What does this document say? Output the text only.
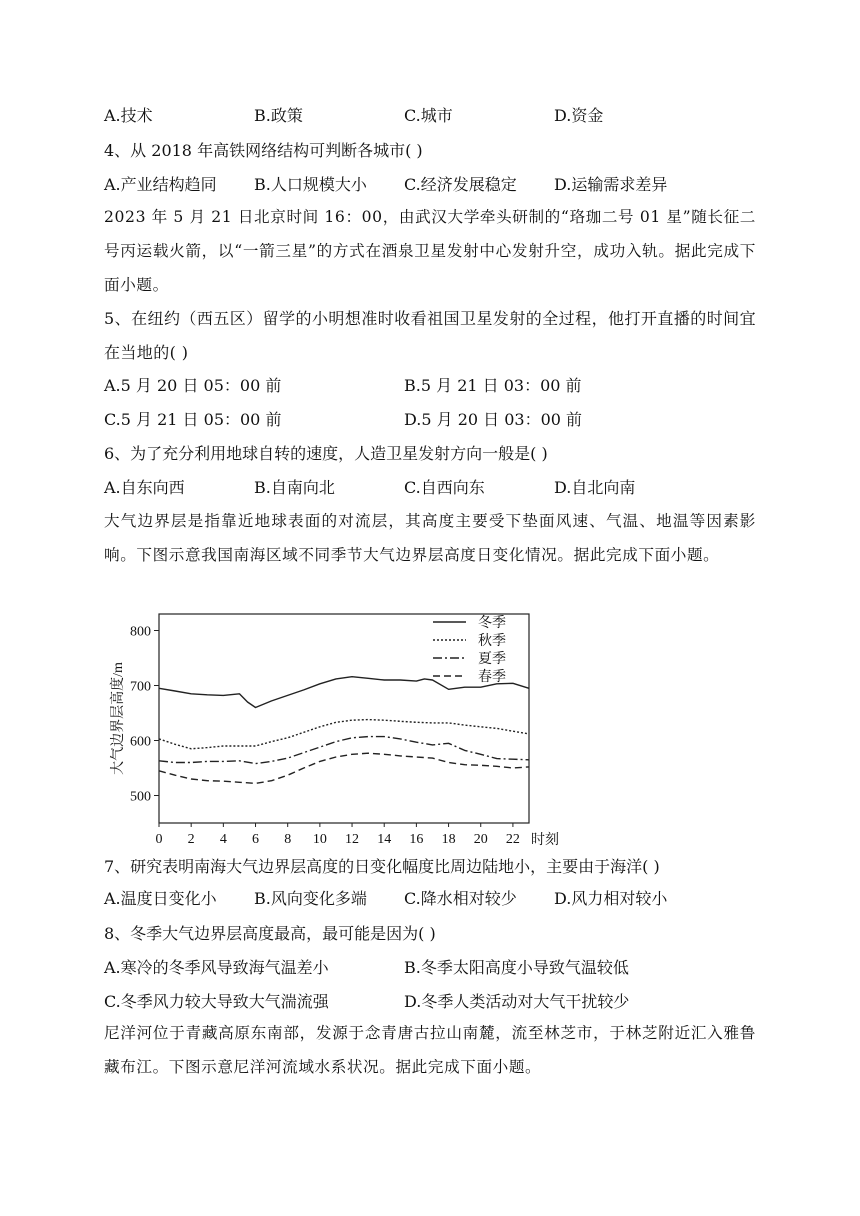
A.技术	B.政策	C.城市	D.资金
4、从 2018 年高铁网络结构可判断各城市( )
A.产业结构趋同 B.人口规模大小 C.经济发展稳定 D.运输需求差异
2023 年 5 月 21 日北京时间 16：00，由武汉大学牵头研制的“珞珈二号 01 星”随长征二号丙运载火箭，以“一箭三星”的方式在酒泉卫星发射中心发射升空，成功入轨。据此完成下面小题。
5、在纽约（西五区）留学的小明想准时收看祖国卫星发射的全过程，他打开直播的时间宜在当地的( )
A.5 月 20 日 05：00 前	B.5 月 21 日 03：00 前
C.5 月 21 日 05：00 前	D.5 月 20 日 03：00 前
6、为了充分利用地球自转的速度，人造卫星发射方向一般是( )
A.自东向西	B.自南向北	C.自西向东	D.自北向南
大气边界层是指靠近地球表面的对流层，其高度主要受下垫面风速、气温、地温等因素影响。下图示意我国南海区域不同季节大气边界层高度日变化情况。据此完成下面小题。
500
600
700
800
0 2 4 6 8 10 12 14 16 18 20 22 时刻
大气边界层高度/m
冬季
秋季
夏季
春季
7、研究表明南海大气边界层高度的日变化幅度比周边陆地小，主要由于海洋( )
A.温度日变化小 B.风向变化多端 C.降水相对较少 D.风力相对较小
8、冬季大气边界层高度最高，最可能是因为( )
A.寒冷的冬季风导致海气温差小	B.冬季太阳高度小导致气温较低
C.冬季风力较大导致大气湍流强	D.冬季人类活动对大气干扰较少
尼洋河位于青藏高原东南部，发源于念青唐古拉山南麓，流至林芝市，于林芝附近汇入雅鲁藏布江。下图示意尼洋河流域水系状况。据此完成下面小题。
